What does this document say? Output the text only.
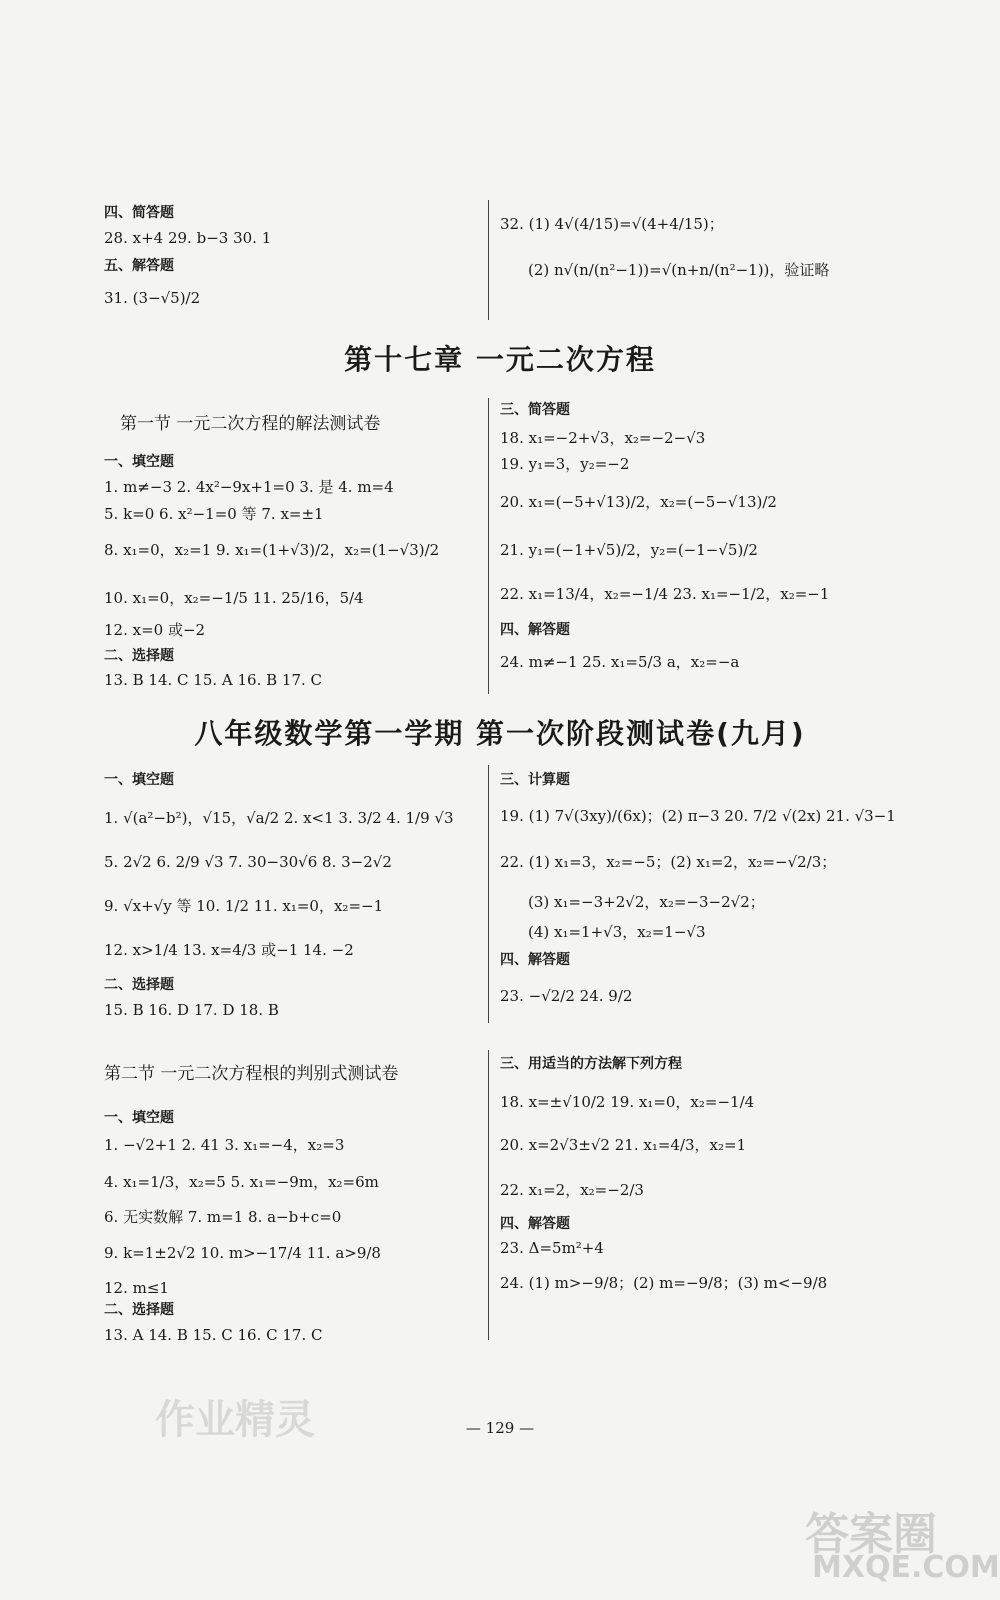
作业精灵
答案圈
MXQE.COM
四、简答题
28. x+4 29. b−3 30. 1
五、解答题
31. (3−√5)/2
32. (1) 4√(4/15)=√(4+4/15)；
(2) n√(n/(n²−1))=√(n+n/(n²−1))，验证略
第十七章 一元二次方程
第一节 一元二次方程的解法测试卷
一、填空题
1. m≠−3 2. 4x²−9x+1=0 3. 是 4. m=4
5. k=0 6. x²−1=0 等 7. x=±1
8. x₁=0，x₂=1 9. x₁=(1+√3)/2，x₂=(1−√3)/2
10. x₁=0，x₂=−1/5 11. 25/16，5/4
12. x=0 或−2
二、选择题
13. B 14. C 15. A 16. B 17. C
三、简答题
18. x₁=−2+√3，x₂=−2−√3
19. y₁=3，y₂=−2
20. x₁=(−5+√13)/2，x₂=(−5−√13)/2
21. y₁=(−1+√5)/2，y₂=(−1−√5)/2
22. x₁=13/4，x₂=−1/4 23. x₁=−1/2，x₂=−1
四、解答题
24. m≠−1 25. x₁=5/3 a，x₂=−a
八年级数学第一学期 第一次阶段测试卷(九月)
一、填空题
1. √(a²−b²)，√15，√a/2 2. x<1 3. 3/2 4. 1/9 √3
5. 2√2 6. 2/9 √3 7. 30−30√6 8. 3−2√2
9. √x+√y 等 10. 1/2 11. x₁=0，x₂=−1
12. x>1/4 13. x=4/3 或−1 14. −2
二、选择题
15. B 16. D 17. D 18. B
三、计算题
19. (1) 7√(3xy)/(6x)；(2) π−3 20. 7/2 √(2x) 21. √3−1
22. (1) x₁=3，x₂=−5；(2) x₁=2，x₂=−√2/3；
(3) x₁=−3+2√2，x₂=−3−2√2；
(4) x₁=1+√3，x₂=1−√3
四、解答题
23. −√2/2 24. 9/2
第二节 一元二次方程根的判别式测试卷
一、填空题
1. −√2+1 2. 41 3. x₁=−4，x₂=3
4. x₁=1/3，x₂=5 5. x₁=−9m，x₂=6m
6. 无实数解 7. m=1 8. a−b+c=0
9. k=1±2√2 10. m>−17/4 11. a>9/8
12. m≤1
二、选择题
13. A 14. B 15. C 16. C 17. C
三、用适当的方法解下列方程
18. x=±√10/2 19. x₁=0，x₂=−1/4
20. x=2√3±√2 21. x₁=4/3，x₂=1
22. x₁=2，x₂=−2/3
四、解答题
23. Δ=5m²+4
24. (1) m>−9/8；(2) m=−9/8；(3) m<−9/8
— 129 —
